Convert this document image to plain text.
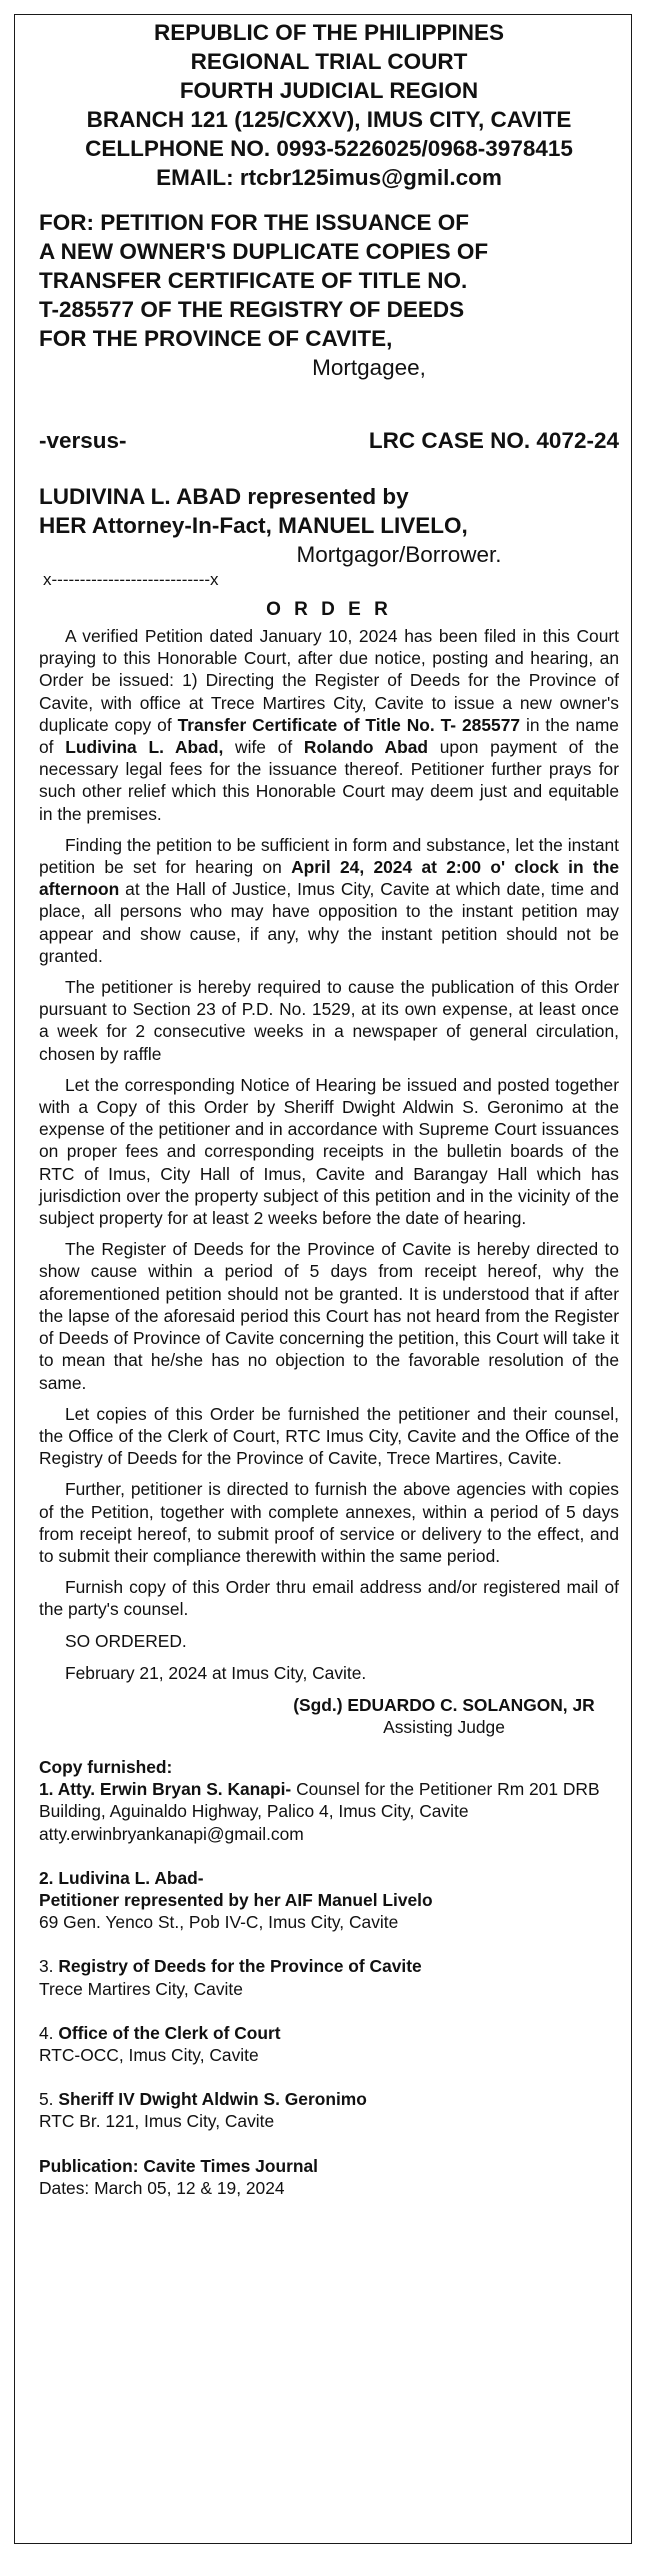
REPUBLIC OF THE PHILIPPINES
REGIONAL TRIAL COURT
FOURTH JUDICIAL REGION
BRANCH 121 (125/CXXV), IMUS CITY, CAVITE
CELLPHONE NO. 0993-5226025/0968-3978415
EMAIL: rtcbr125imus@gmil.com
FOR: PETITION FOR THE ISSUANCE OF
A NEW OWNER'S DUPLICATE COPIES OF
TRANSFER CERTIFICATE OF TITLE NO.
T-285577 OF THE REGISTRY OF DEEDS
FOR THE PROVINCE OF CAVITE,
Mortgagee,
-versus-	LRC CASE NO. 4072-24
LUDIVINA L. ABAD represented by
HER Attorney-In-Fact, MANUEL LIVELO,
Mortgagor/Borrower.
x----------------------------x
O R D E R

A verified Petition dated January 10, 2024 has been filed in this Court praying to this Honorable Court, after due notice, posting and hearing, an Order be issued: 1) Directing the Register of Deeds for the Province of Cavite, with office at Trece Martires City, Cavite to issue a new owner's duplicate copy of Transfer Certificate of Title No. T- 285577 in the name of Ludivina L. Abad, wife of Rolando Abad upon payment of the necessary legal fees for the issuance thereof. Petitioner further prays for such other relief which this Honorable Court may deem just and equitable in the premises.

Finding the petition to be sufficient in form and substance, let the instant petition be set for hearing on April 24, 2024 at 2:00 o' clock in the afternoon at the Hall of Justice, Imus City, Cavite at which date, time and place, all persons who may have opposition to the instant petition may appear and show cause, if any, why the instant petition should not be granted.

The petitioner is hereby required to cause the publication of this Order pursuant to Section 23 of P.D. No. 1529, at its own expense, at least once a week for 2 consecutive weeks in a newspaper of general circulation, chosen by raffle

Let the corresponding Notice of Hearing be issued and posted together with a Copy of this Order by Sheriff Dwight Aldwin S. Geronimo at the expense of the petitioner and in accordance with Supreme Court issuances on proper fees and corresponding receipts in the bulletin boards of the RTC of Imus, City Hall of Imus, Cavite and Barangay Hall which has jurisdiction over the property subject of this petition and in the vicinity of the subject property for at least 2 weeks before the date of hearing.

The Register of Deeds for the Province of Cavite is hereby directed to show cause within a period of 5 days from receipt hereof, why the aforementioned petition should not be granted. It is understood that if after the lapse of the aforesaid period this Court has not heard from the Register of Deeds of Province of Cavite concerning the petition, this Court will take it to mean that he/she has no objection to the favorable resolution of the same.

Let copies of this Order be furnished the petitioner and their counsel, the Office of the Clerk of Court, RTC Imus City, Cavite and the Office of the Registry of Deeds for the Province of Cavite, Trece Martires, Cavite.

Further, petitioner is directed to furnish the above agencies with copies of the Petition, together with complete annexes, within a period of 5 days from receipt hereof, to submit proof of service or delivery to the effect, and to submit their compliance therewith within the same period.

Furnish copy of this Order thru email address and/or registered mail of the party's counsel.

SO ORDERED.
February 21, 2024 at Imus City, Cavite.
(Sgd.) EDUARDO C. SOLANGON, JR
Assisting Judge
Copy furnished:
1. Atty. Erwin Bryan S. Kanapi- Counsel for the Petitioner Rm 201 DRB Building, Aguinaldo Highway, Palico 4, Imus City, Cavite atty.erwinbryankanapi@gmail.com
2. Ludivina L. Abad-
Petitioner represented by her AIF Manuel Livelo
69 Gen. Yenco St., Pob IV-C, Imus City, Cavite
3. Registry of Deeds for the Province of Cavite
Trece Martires City, Cavite
4. Office of the Clerk of Court
RTC-OCC, Imus City, Cavite
5. Sheriff IV Dwight Aldwin S. Geronimo
RTC Br. 121, Imus City, Cavite
Publication: Cavite Times Journal
Dates: March 05, 12 & 19, 2024
